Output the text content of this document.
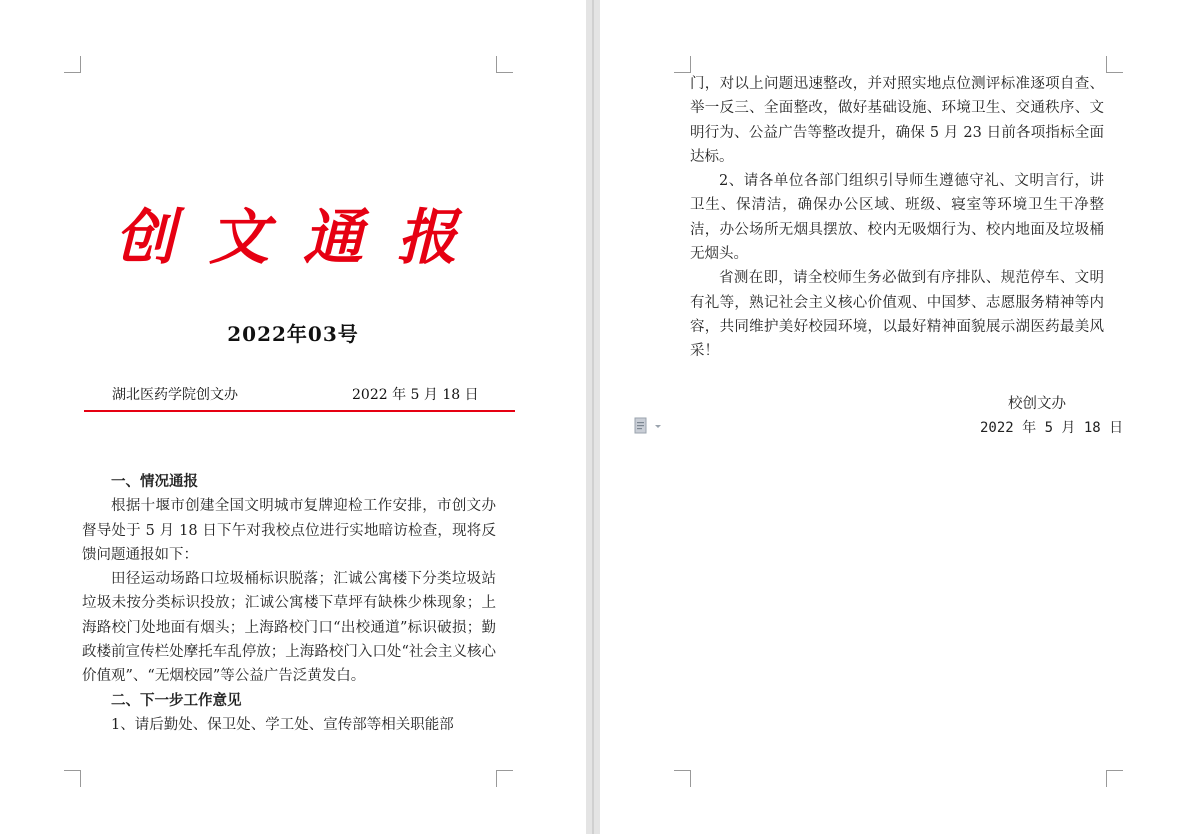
创文通报
2022年03号
湖北医药学院创文办	2022 年 5 月 18 日
一、情况通报

根据十堰市创建全国文明城市复牌迎检工作安排，市创文办督导处于 5 月 18 日下午对我校点位进行实地暗访检查，现将反馈问题通报如下：

田径运动场路口垃圾桶标识脱落；汇诚公寓楼下分类垃圾站垃圾未按分类标识投放；汇诚公寓楼下草坪有缺株少株现象；上海路校门处地面有烟头；上海路校门口“出校通道”标识破损；勤政楼前宣传栏处摩托车乱停放；上海路校门入口处“社会主义核心价值观”、“无烟校园”等公益广告泛黄发白。

二、下一步工作意见

1、请后勤处、保卫处、学工处、宣传部等相关职能部

门，对以上问题迅速整改，并对照实地点位测评标准逐项自查、举一反三、全面整改，做好基础设施、环境卫生、交通秩序、文明行为、公益广告等整改提升，确保 5 月 23 日前各项指标全面达标。

2、请各单位各部门组织引导师生遵德守礼、文明言行，讲卫生、保清洁，确保办公区域、班级、寝室等环境卫生干净整洁，办公场所无烟具摆放、校内无吸烟行为、校内地面及垃圾桶无烟头。

省测在即，请全校师生务必做到有序排队、规范停车、文明有礼等，熟记社会主义核心价值观、中国梦、志愿服务精神等内容，共同维护美好校园环境，以最好精神面貌展示湖医药最美风采！

校创文办
2022 年 5 月 18 日
